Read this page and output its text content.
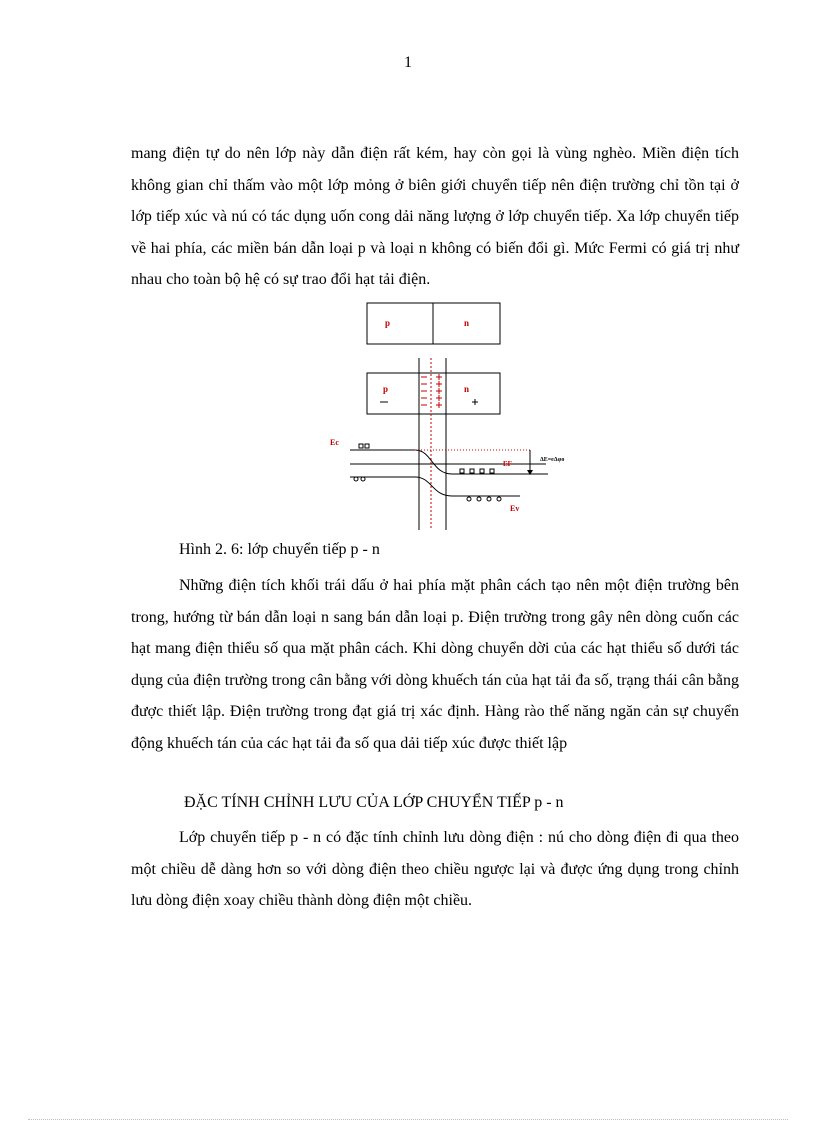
1

mang điện tự do nên lớp này dẫn điện rất kém, hay còn gọi là vùng nghèo. Miền điện tích không gian chỉ thấm vào một lớp mỏng ở biên giới chuyển tiếp nên điện trường chỉ tồn tại ở lớp tiếp xúc và nú có tác dụng uốn cong dải năng lượng ở lớp chuyển tiếp. Xa lớp chuyển tiếp về hai phía, các miền bán dẫn loại p và loại n không có biến đổi gì. Mức Fermi có giá trị như nhau cho toàn bộ hệ có sự trao đổi hạt tải điện.

p	n
p	n
Ec
EF	ΔE=eΔφo
Ev
Hình 2. 6: lớp chuyển tiếp p - n

Những điện tích khối trái dấu ở hai phía mặt phân cách tạo nên một điện trường bên trong, hướng từ bán dẫn loại n sang bán dẫn loại p. Điện trường trong gây nên dòng cuốn các hạt mang điện thiểu số qua mặt phân cách. Khi dòng chuyển dời của các hạt thiểu số dưới tác dụng của điện trường trong cân bằng với dòng khuếch tán của hạt tải đa số, trạng thái cân bằng được thiết lập. Điện trường trong đạt giá trị xác định. Hàng rào thế năng ngăn cản sự chuyển động khuếch tán của các hạt tải đa số qua dải tiếp xúc được thiết lập

ĐẶC TÍNH CHỈNH LƯU CỦA LỚP CHUYỂN TIẾP p - n

Lớp chuyển tiếp p - n có đặc tính chỉnh lưu dòng điện : nú cho dòng điện đi qua theo một chiều dễ dàng hơn so với dòng điện theo chiều ngược lại và được ứng dụng trong chỉnh lưu dòng điện xoay chiều thành dòng điện một chiều.
